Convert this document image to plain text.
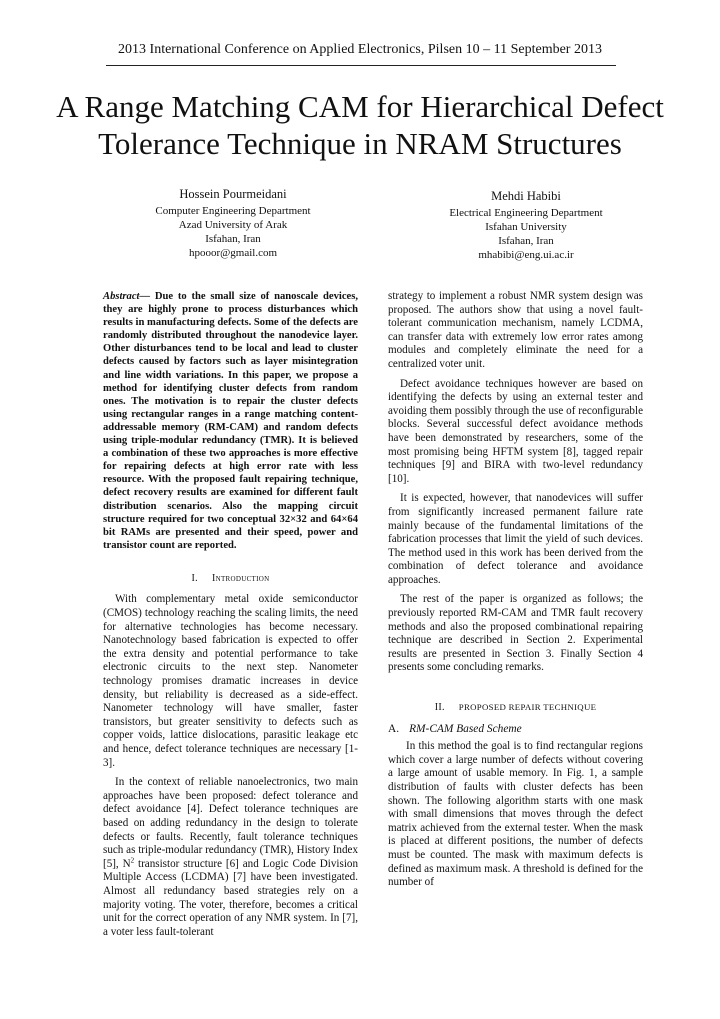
2013 International Conference on Applied Electronics, Pilsen 10 – 11 September 2013
A Range Matching CAM for Hierarchical Defect
Tolerance Technique in NRAM Structures
Hossein Pourmeidani
Computer Engineering Department
Azad University of Arak
Isfahan, Iran
hpooor@gmail.com
Mehdi Habibi
Electrical Engineering Department
Isfahan University
Isfahan, Iran
mhabibi@eng.ui.ac.ir

Abstract— Due to the small size of nanoscale devices, they are highly prone to process disturbances which results in manufacturing defects. Some of the defects are randomly distributed throughout the nanodevice layer. Other disturbances tend to be local and lead to cluster defects caused by factors such as layer misintegration and line width variations. In this paper, we propose a method for identifying cluster defects from random ones. The motivation is to repair the cluster defects using rectangular ranges in a range matching content-addressable memory (RM-CAM) and random defects using triple-modular redundancy (TMR). It is believed a combination of these two approaches is more effective for repairing defects at high error rate with less resource. With the proposed fault repairing technique, defect recovery results are examined for different fault distribution scenarios. Also the mapping circuit structure required for two conceptual 32×32 and 64×64 bit RAMs are presented and their speed, power and transistor count are reported.

I. Introduction

With complementary metal oxide semiconductor (CMOS) technology reaching the scaling limits, the need for alternative technologies has become necessary. Nanotechnology based fabrication is expected to offer the extra density and potential performance to take electronic circuits to the next step. Nanometer technology promises dramatic increases in device density, but reliability is decreased as a side-effect. Nanometer technology will have smaller, faster transistors, but greater sensitivity to defects such as copper voids, lattice dislocations, parasitic leakage etc and hence, defect tolerance techniques are necessary [1-3].

In the context of reliable nanoelectronics, two main approaches have been proposed: defect tolerance and defect avoidance [4]. Defect tolerance techniques are based on adding redundancy in the design to tolerate defects or faults. Recently, fault tolerance techniques such as triple-modular redundancy (TMR), History Index [5], $N^2$ transistor structure [6] and Logic Code Division Multiple Access (LCDMA) [7] have been investigated. Almost all redundancy based strategies rely on a majority voting. The voter, therefore, becomes a critical unit for the correct operation of any NMR system. In [7], a voter less fault-tolerant

strategy to implement a robust NMR system design was proposed. The authors show that using a novel fault-tolerant communication mechanism, namely LCDMA, can transfer data with extremely low error rates among modules and completely eliminate the need for a centralized voter unit.

Defect avoidance techniques however are based on identifying the defects by using an external tester and avoiding them possibly through the use of reconfigurable blocks. Several successful defect avoidance methods have been demonstrated by researchers, some of the most promising being HFTM system [8], tagged repair techniques [9] and BIRA with two-level redundancy [10].

It is expected, however, that nanodevices will suffer from significantly increased permanent failure rate mainly because of the fundamental limitations of the fabrication processes that limit the yield of such devices. The method used in this work has been derived from the combination of defect tolerance and avoidance approaches.

The rest of the paper is organized as follows; the previously reported RM-CAM and TMR fault recovery methods and also the proposed combinational repairing technique are described in Section 2. Experimental results are presented in Section 3. Finally Section 4 presents some concluding remarks.

II. PROPOSED REPAIR TECHNIQUE
A. RM-CAM Based Scheme

In this method the goal is to find rectangular regions which cover a large number of defects without covering a large amount of usable memory. In Fig. 1, a sample distribution of faults with cluster defects has been shown. The following algorithm starts with one mask with small dimensions that moves through the defect matrix achieved from the external tester. When the mask is placed at different positions, the number of defects must be counted. The mask with maximum defects is defined as maximum mask. A threshold is defined for the number of
